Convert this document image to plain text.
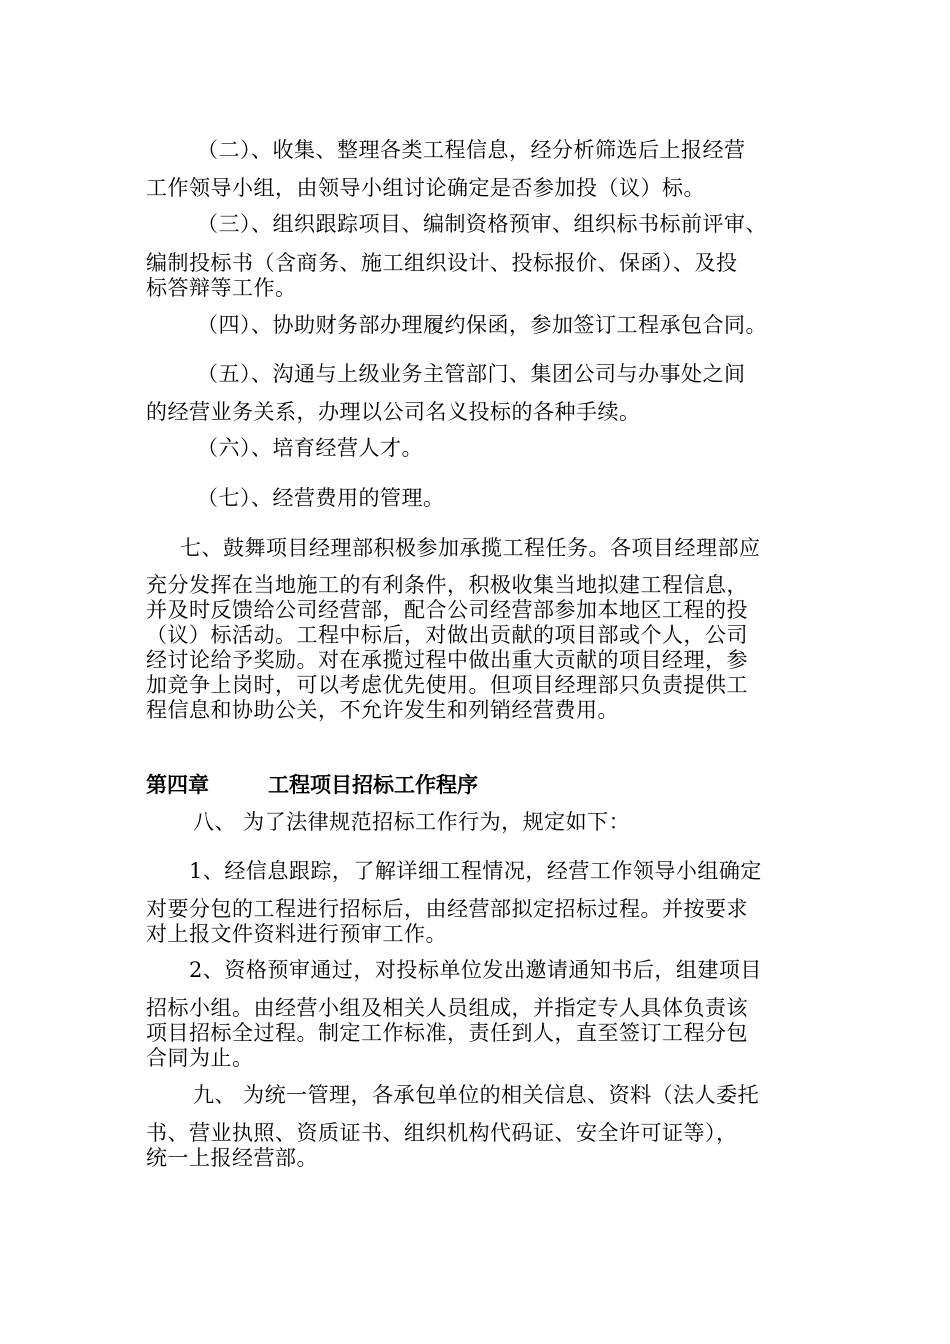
（二）、收集、整理各类工程信息，经分析筛选后上报经营
工作领导小组，由领导小组讨论确定是否参加投（议）标。
（三）、组织跟踪项目、编制资格预审、组织标书标前评审、
编制投标书（含商务、施工组织设计、投标报价、保函）、及投
标答辩等工作。
（四）、协助财务部办理履约保函，参加签订工程承包合同。
（五）、沟通与上级业务主管部门、集团公司与办事处之间
的经营业务关系，办理以公司名义投标的各种手续。
（六）、培育经营人才。
（七）、经营费用的管理。
七、鼓舞项目经理部积极参加承揽工程任务。各项目经理部应
充分发挥在当地施工的有利条件，积极收集当地拟建工程信息，
并及时反馈给公司经营部，配合公司经营部参加本地区工程的投
（议）标活动。工程中标后，对做出贡献的项目部或个人，公司
经讨论给予奖励。对在承揽过程中做出重大贡献的项目经理，参
加竞争上岗时，可以考虑优先使用。但项目经理部只负责提供工
程信息和协助公关，不允许发生和列销经营费用。
第四章	工程项目招标工作程序
八、 为了法律规范招标工作行为，规定如下：
1、经信息跟踪，了解详细工程情况，经营工作领导小组确定
对要分包的工程进行招标后，由经营部拟定招标过程。并按要求
对上报文件资料进行预审工作。
2、资格预审通过，对投标单位发出邀请通知书后，组建项目
招标小组。由经营小组及相关人员组成，并指定专人具体负责该
项目招标全过程。制定工作标准，责任到人，直至签订工程分包
合同为止。
九、 为统一管理，各承包单位的相关信息、资料（法人委托
书、营业执照、资质证书、组织机构代码证、安全许可证等），
统一上报经营部。
